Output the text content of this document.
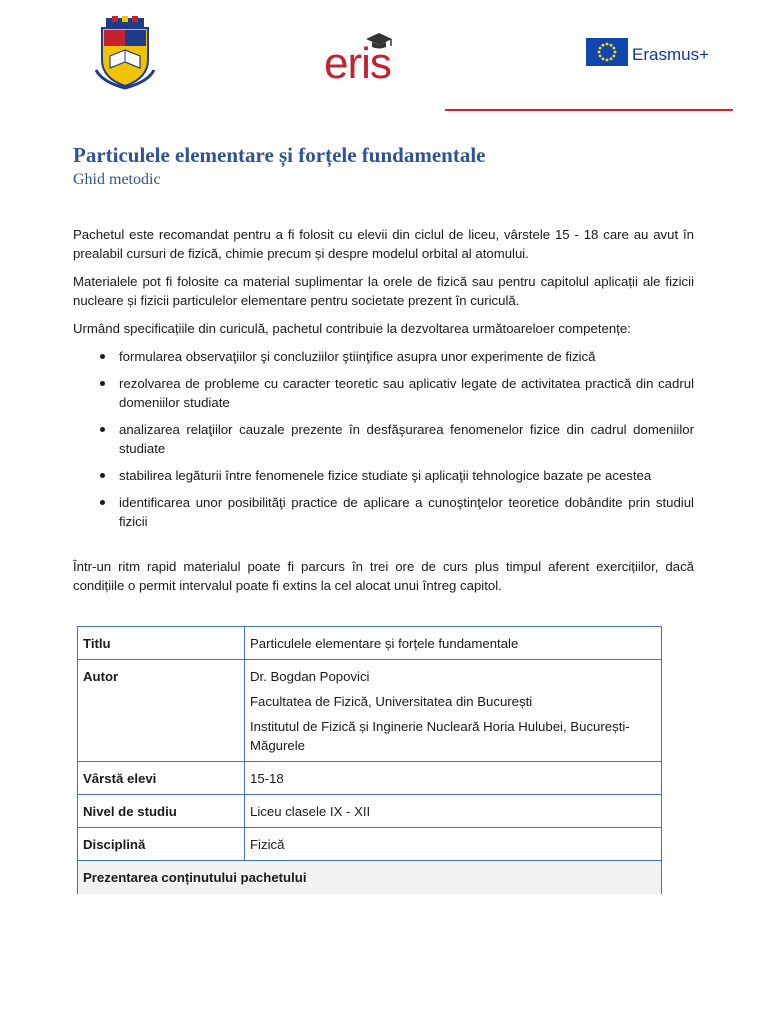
eris	Erasmus+
Particulele elementare și forțele fundamentale
Ghid metodic

Pachetul este recomandat pentru a fi folosit cu elevii din ciclul de liceu, vârstele 15 - 18 care au avut în prealabil cursuri de fizică, chimie precum și despre modelul orbital al atomului.

Materialele pot fi folosite ca material suplimentar la orele de fizică sau pentru capitolul aplicații ale fizicii nucleare și fizicii particulelor elementare pentru societate prezent în curiculă.

Urmând specificațiile din curiculă, pachetul contribuie la dezvoltarea următoareloer competențe:

formularea observaţiilor şi concluziilor ştiinţifice asupra unor experimente de fizică
rezolvarea de probleme cu caracter teoretic sau aplicativ legate de activitatea practică din cadrul domeniilor studiate
analizarea relaţiilor cauzale prezente în desfăşurarea fenomenelor fizice din cadrul domeniilor studiate
stabilirea legăturii între fenomenele fizice studiate şi aplicaţii tehnologice bazate pe acestea
identificarea unor posibilităţi practice de aplicare a cunoştinţelor teoretice dobândite prin studiul fizicii

Într-un ritm rapid materialul poate fi parcurs în trei ore de curs plus timpul aferent exercițiilor, dacă condițiile o permit intervalul poate fi extins la cel alocat unui întreg capitol.

Titlu	Particulele elementare și forțele fundamentale

Autor	Dr. Bogdan Popovici
Facultatea de Fizică, Universitatea din București
Institutul de Fizică și Inginerie Nucleară Horia Hulubei, București-Măgurele

Vârstă elevi	15-18

Nivel de studiu	Liceu clasele IX - XII

Disciplină	Fizică

Prezentarea conținutului pachetului	
